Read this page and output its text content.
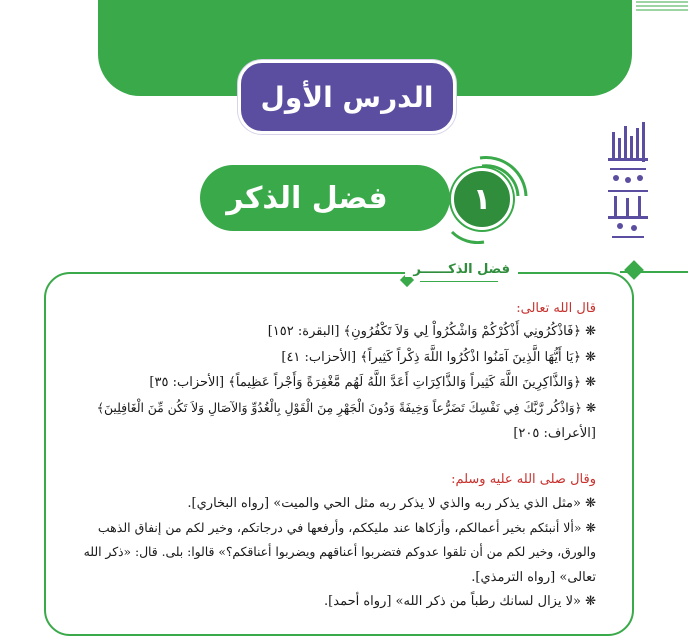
الدرس الأول
فضل الذكر	١
فضل الذكــــــر
قال الله تعالى:
❋ ﴿فَاذْكُرُونِي أَذْكُرْكُمْ وَاشْكُرُواْ لِي وَلاَ تَكْفُرُونِ﴾ [البقرة: ١٥٢]
❋ ﴿يَا أَيُّهَا الَّذِينَ آمَنُوا اذْكُرُوا اللَّهَ ذِكْراً كَثِيراً﴾ [الأحزاب: ٤١]
❋ ﴿وَالذَّاكِرِينَ اللَّهَ كَثِيراً وَالذَّاكِرَاتِ أَعَدَّ اللَّهُ لَهُم مَّغْفِرَةً وَأَجْراً عَظِيماً﴾ [الأحزاب: ٣٥]
❋ ﴿وَاذْكُر رَّبَّكَ فِي نَفْسِكَ تَضَرُّعاً وَخِيفَةً وَدُونَ الْجَهْرِ مِنَ الْقَوْلِ بِالْغُدُوِّ وَالآصَالِ وَلاَ تَكُن مِّنَ الْغَافِلِينَ﴾
[الأعراف: ٢٠٥]
وقال صلى الله عليه وسلم:
❋ «مثل الذي يذكر ربه والذي لا يذكر ربه مثل الحي والميت» [رواه البخاري].
❋ «ألا أنبئكم بخير أعمالكم، وأزكاها عند مليككم، وأرفعها في درجاتكم، وخير لكم من إنفاق الذهب
والورق، وخير لكم من أن تلقوا عدوكم فتضربوا أعناقهم ويضربوا أعناقكم؟» قالوا: بلى. قال: «ذكر الله
تعالى» [رواه الترمذي].
❋ «لا يزال لسانك رطباً من ذكر الله» [رواه أحمد].
